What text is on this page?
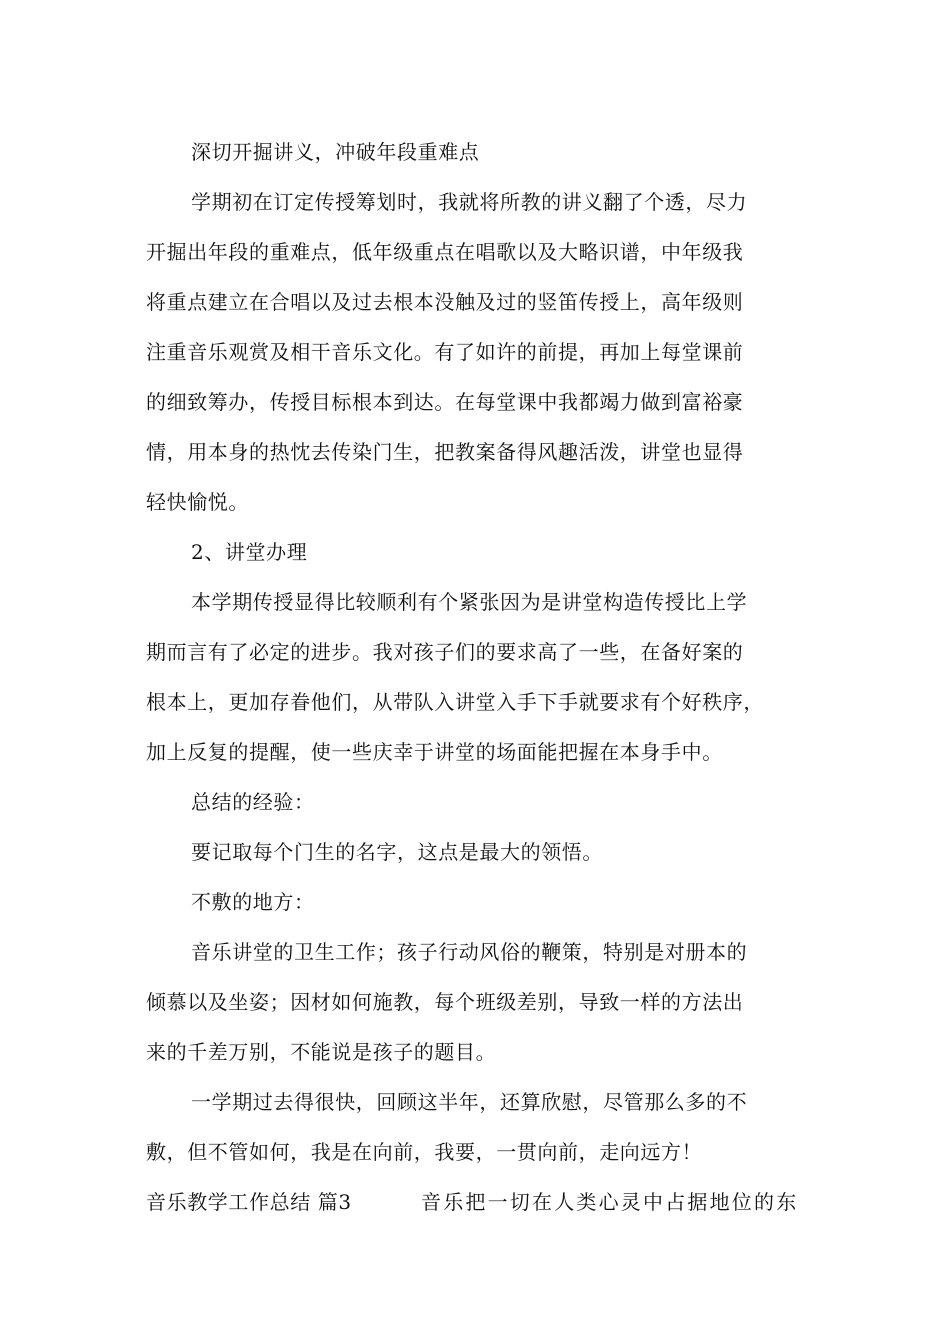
深切开掘讲义，冲破年段重难点

学期初在订定传授筹划时，我就将所教的讲义翻了个透，尽力

开掘出年段的重难点，低年级重点在唱歌以及大略识谱，中年级我

将重点建立在合唱以及过去根本没触及过的竖笛传授上，高年级则

注重音乐观赏及相干音乐文化。有了如许的前提，再加上每堂课前

的细致筹办，传授目标根本到达。在每堂课中我都竭力做到富裕豪

情，用本身的热忱去传染门生，把教案备得风趣活泼，讲堂也显得

轻快愉悦。

2、讲堂办理

本学期传授显得比较顺利有个紧张因为是讲堂构造传授比上学

期而言有了必定的进步。我对孩子们的要求高了一些，在备好案的

根本上，更加存眷他们，从带队入讲堂入手下手就要求有个好秩序，

加上反复的提醒，使一些庆幸于讲堂的场面能把握在本身手中。

总结的经验：

要记取每个门生的名字，这点是最大的领悟。

不敷的地方：

音乐讲堂的卫生工作；孩子行动风俗的鞭策，特别是对册本的

倾慕以及坐姿；因材如何施教，每个班级差别，导致一样的方法出

来的千差万别，不能说是孩子的题目。

一学期过去得很快，回顾这半年，还算欣慰，尽管那么多的不

敷，但不管如何，我是在向前，我要，一贯向前，走向远方！

音乐教学工作总结 篇3	音乐把一切在人类心灵中占据地位的东
